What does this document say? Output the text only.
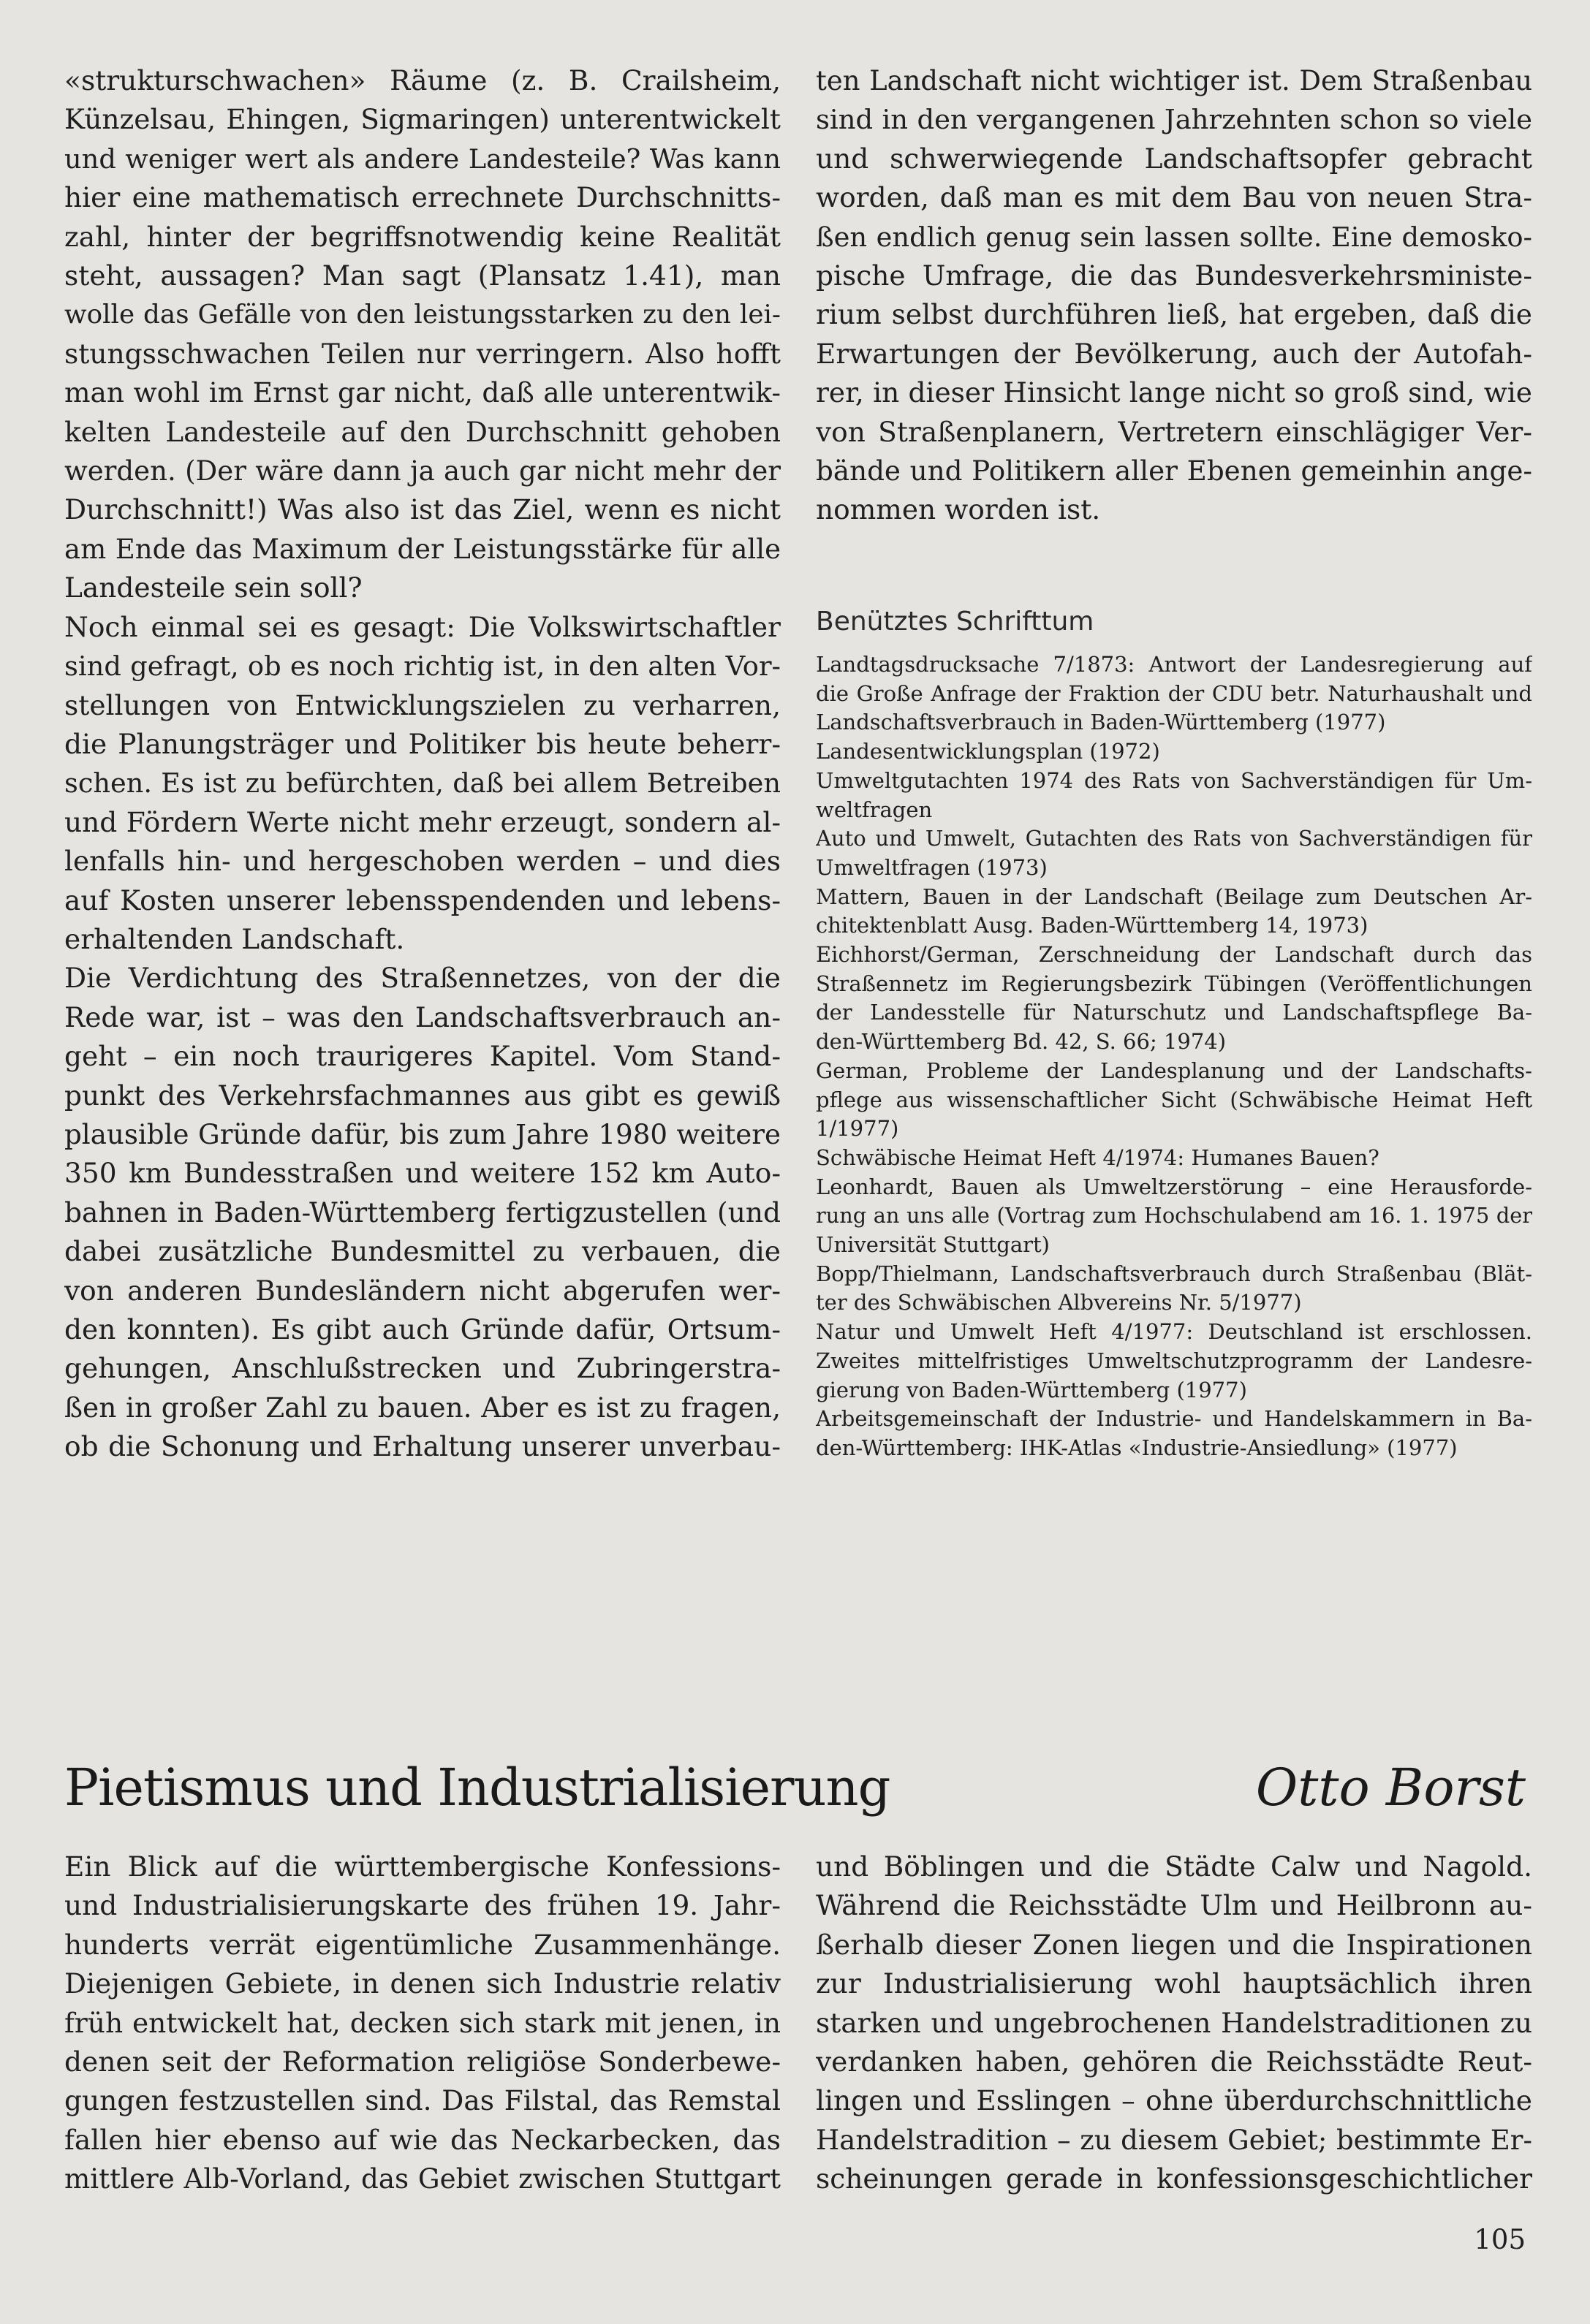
«strukturschwachen» Räume (z. B. Crailsheim,
Künzelsau, Ehingen, Sigmaringen) unterentwickelt
und weniger wert als andere Landesteile? Was kann
hier eine mathematisch errechnete Durchschnitts-
zahl, hinter der begriffsnotwendig keine Realität
steht, aussagen? Man sagt (Plansatz 1.41), man
wolle das Gefälle von den leistungsstarken zu den lei-
stungsschwachen Teilen nur verringern. Also hofft
man wohl im Ernst gar nicht, daß alle unterentwik-
kelten Landesteile auf den Durchschnitt gehoben
werden. (Der wäre dann ja auch gar nicht mehr der
Durchschnitt!) Was also ist das Ziel, wenn es nicht
am Ende das Maximum der Leistungsstärke für alle
Landesteile sein soll?
Noch einmal sei es gesagt: Die Volkswirtschaftler
sind gefragt, ob es noch richtig ist, in den alten Vor-
stellungen von Entwicklungszielen zu verharren,
die Planungsträger und Politiker bis heute beherr-
schen. Es ist zu befürchten, daß bei allem Betreiben
und Fördern Werte nicht mehr erzeugt, sondern al-
lenfalls hin- und hergeschoben werden – und dies
auf Kosten unserer lebensspendenden und lebens-
erhaltenden Landschaft.
Die Verdichtung des Straßennetzes, von der die
Rede war, ist – was den Landschaftsverbrauch an-
geht – ein noch traurigeres Kapitel. Vom Stand-
punkt des Verkehrsfachmannes aus gibt es gewiß
plausible Gründe dafür, bis zum Jahre 1980 weitere
350 km Bundesstraßen und weitere 152 km Auto-
bahnen in Baden-Württemberg fertigzustellen (und
dabei zusätzliche Bundesmittel zu verbauen, die
von anderen Bundesländern nicht abgerufen wer-
den konnten). Es gibt auch Gründe dafür, Ortsum-
gehungen, Anschlußstrecken und Zubringerstra-
ßen in großer Zahl zu bauen. Aber es ist zu fragen,
ob die Schonung und Erhaltung unserer unverbau-
ten Landschaft nicht wichtiger ist. Dem Straßenbau
sind in den vergangenen Jahrzehnten schon so viele
und schwerwiegende Landschaftsopfer gebracht
worden, daß man es mit dem Bau von neuen Stra-
ßen endlich genug sein lassen sollte. Eine demosko-
pische Umfrage, die das Bundesverkehrsministe-
rium selbst durchführen ließ, hat ergeben, daß die
Erwartungen der Bevölkerung, auch der Autofah-
rer, in dieser Hinsicht lange nicht so groß sind, wie
von Straßenplanern, Vertretern einschlägiger Ver-
bände und Politikern aller Ebenen gemeinhin ange-
nommen worden ist.
Benütztes Schrifttum
Landtagsdrucksache 7/1873: Antwort der Landesregierung auf
die Große Anfrage der Fraktion der CDU betr. Naturhaushalt und
Landschaftsverbrauch in Baden-Württemberg (1977)
Landesentwicklungsplan (1972)
Umweltgutachten 1974 des Rats von Sachverständigen für Um-
weltfragen
Auto und Umwelt, Gutachten des Rats von Sachverständigen für
Umweltfragen (1973)
Mattern, Bauen in der Landschaft (Beilage zum Deutschen Ar-
chitektenblatt Ausg. Baden-Württemberg 14, 1973)
Eichhorst/German, Zerschneidung der Landschaft durch das
Straßennetz im Regierungsbezirk Tübingen (Veröffentlichungen
der Landesstelle für Naturschutz und Landschaftspflege Ba-
den-Württemberg Bd. 42, S. 66; 1974)
German, Probleme der Landesplanung und der Landschafts-
pflege aus wissenschaftlicher Sicht (Schwäbische Heimat Heft
1/1977)
Schwäbische Heimat Heft 4/1974: Humanes Bauen?
Leonhardt, Bauen als Umweltzerstörung – eine Herausforde-
rung an uns alle (Vortrag zum Hochschulabend am 16. 1. 1975 der
Universität Stuttgart)
Bopp/Thielmann, Landschaftsverbrauch durch Straßenbau (Blät-
ter des Schwäbischen Albvereins Nr. 5/1977)
Natur und Umwelt Heft 4/1977: Deutschland ist erschlossen.
Zweites mittelfristiges Umweltschutzprogramm der Landesre-
gierung von Baden-Württemberg (1977)
Arbeitsgemeinschaft der Industrie- und Handelskammern in Ba-
den-Württemberg: IHK-Atlas «Industrie-Ansiedlung» (1977)
Pietismus und Industrialisierung	Otto Borst
Ein Blick auf die württembergische Konfessions-
und Industrialisierungskarte des frühen 19. Jahr-
hunderts verrät eigentümliche Zusammenhänge.
Diejenigen Gebiete, in denen sich Industrie relativ
früh entwickelt hat, decken sich stark mit jenen, in
denen seit der Reformation religiöse Sonderbewe-
gungen festzustellen sind. Das Filstal, das Remstal
fallen hier ebenso auf wie das Neckarbecken, das
mittlere Alb-Vorland, das Gebiet zwischen Stuttgart
und Böblingen und die Städte Calw und Nagold.
Während die Reichsstädte Ulm und Heilbronn au-
ßerhalb dieser Zonen liegen und die Inspirationen
zur Industrialisierung wohl hauptsächlich ihren
starken und ungebrochenen Handelstraditionen zu
verdanken haben, gehören die Reichsstädte Reut-
lingen und Esslingen – ohne überdurchschnittliche
Handelstradition – zu diesem Gebiet; bestimmte Er-
scheinungen gerade in konfessionsgeschichtlicher
105
